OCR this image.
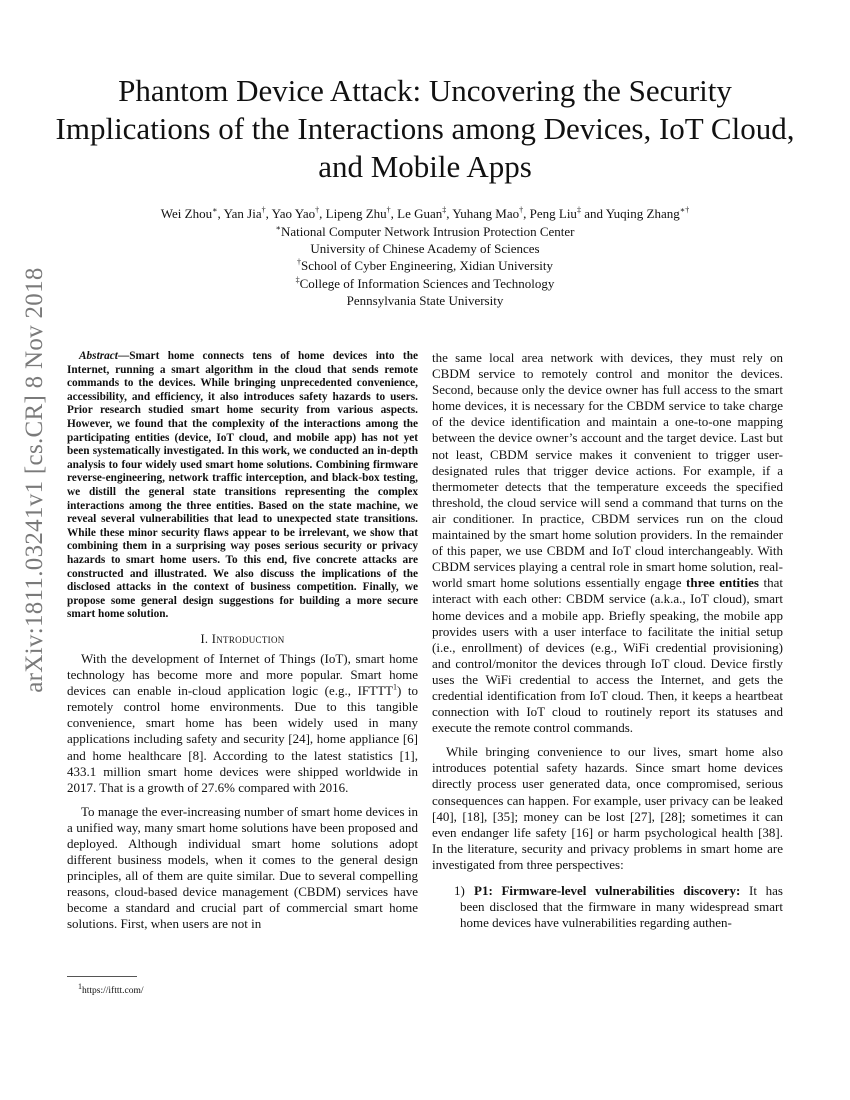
arXiv:1811.03241v1 [cs.CR] 8 Nov 2018
Phantom Device Attack: Uncovering the Security Implications of the Interactions among Devices, IoT Cloud, and Mobile Apps
Wei Zhou∗, Yan Jia†, Yao Yao†, Lipeng Zhu†, Le Guan‡, Yuhang Mao†, Peng Liu‡ and Yuqing Zhang∗†
∗National Computer Network Intrusion Protection Center
University of Chinese Academy of Sciences
†School of Cyber Engineering, Xidian University
‡College of Information Sciences and Technology
Pennsylvania State University

Abstract—Smart home connects tens of home devices into the Internet, running a smart algorithm in the cloud that sends remote commands to the devices. While bringing unprecedented convenience, accessibility, and efficiency, it also introduces safety hazards to users. Prior research studied smart home security from various aspects. However, we found that the complexity of the interactions among the participating entities (device, IoT cloud, and mobile app) has not yet been systematically investigated. In this work, we conducted an in-depth analysis to four widely used smart home solutions. Combining firmware reverse-engineering, network traffic interception, and black-box testing, we distill the general state transitions representing the complex interactions among the three entities. Based on the state machine, we reveal several vulnerabilities that lead to unexpected state transitions. While these minor security flaws appear to be irrelevant, we show that combining them in a surprising way poses serious security or privacy hazards to smart home users. To this end, five concrete attacks are constructed and illustrated. We also discuss the implications of the disclosed attacks in the context of business competition. Finally, we propose some general design suggestions for building a more secure smart home solution.

I. Introduction

With the development of Internet of Things (IoT), smart home technology has become more and more popular. Smart home devices can enable in-cloud application logic (e.g., IFTTT$^1$) to remotely control home environments. Due to this tangible convenience, smart home has been widely used in many applications including safety and security [24], home appliance [6] and home healthcare [8]. According to the latest statistics [1], 433.1 million smart home devices were shipped worldwide in 2017. That is a growth of 27.6% compared with 2016.

To manage the ever-increasing number of smart home devices in a unified way, many smart home solutions have been proposed and deployed. Although individual smart home solutions adopt different business models, when it comes to the general design principles, all of them are quite similar. Due to several compelling reasons, cloud-based device management (CBDM) services have become a standard and crucial part of commercial smart home solutions. First, when users are not in

$^1$https://ifttt.com/

the same local area network with devices, they must rely on CBDM service to remotely control and monitor the devices. Second, because only the device owner has full access to the smart home devices, it is necessary for the CBDM service to take charge of the device identification and maintain a one-to-one mapping between the device owner’s account and the target device. Last but not least, CBDM service makes it convenient to trigger user-designated rules that trigger device actions. For example, if a thermometer detects that the temperature exceeds the specified threshold, the cloud service will send a command that turns on the air conditioner. In practice, CBDM services run on the cloud maintained by the smart home solution providers. In the remainder of this paper, we use CBDM and IoT cloud interchangeably. With CBDM services playing a central role in smart home solution, real-world smart home solutions essentially engage three entities that interact with each other: CBDM service (a.k.a., IoT cloud), smart home devices and a mobile app. Briefly speaking, the mobile app provides users with a user interface to facilitate the initial setup (i.e., enrollment) of devices (e.g., WiFi credential provisioning) and control/monitor the devices through IoT cloud. Device firstly uses the WiFi credential to access the Internet, and gets the credential identification from IoT cloud. Then, it keeps a heartbeat connection with IoT cloud to routinely report its statuses and execute the remote control commands.

While bringing convenience to our lives, smart home also introduces potential safety hazards. Since smart home devices directly process user generated data, once compromised, serious consequences can happen. For example, user privacy can be leaked [40], [18], [35]; money can be lost [27], [28]; sometimes it can even endanger life safety [16] or harm psychological health [38]. In the literature, security and privacy problems in smart home are investigated from three perspectives:

1) P1: Firmware-level vulnerabilities discovery: It has been disclosed that the firmware in many widespread smart home devices have vulnerabilities regarding authen-
